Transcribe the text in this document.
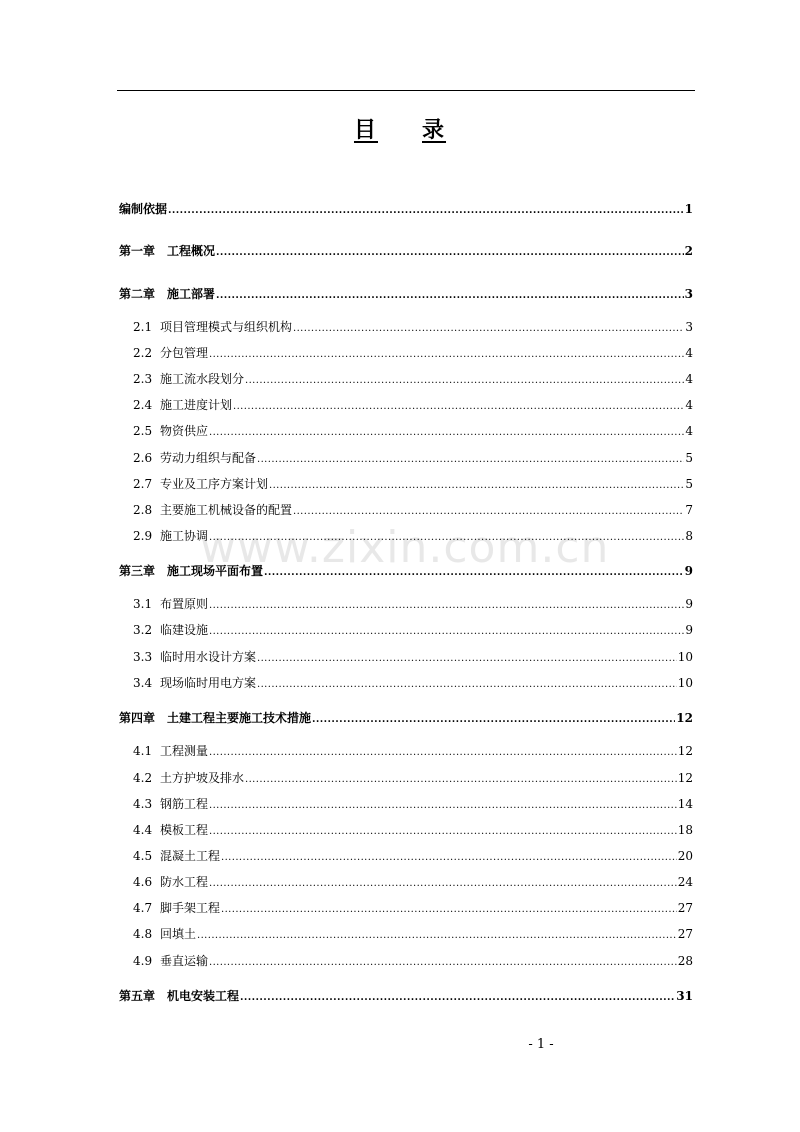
目 录
www.zixin.com.cn
编制依据 .....	1
第一章　工程概况 .....	2
第二章　施工部署 .....	3
2.1 项目管理模式与组织机构 .....	3
2.2 分包管理 .....	4
2.3 施工流水段划分 .....	4
2.4 施工进度计划 .....	4
2.5 物资供应 .....	4
2.6 劳动力组织与配备 .....	5
2.7 专业及工序方案计划 .....	5
2.8 主要施工机械设备的配置 .....	7
2.9 施工协调 .....	8
第三章　施工现场平面布置 .....	9
3.1 布置原则 .....	9
3.2 临建设施 .....	9
3.3 临时用水设计方案 .....	10
3.4 现场临时用电方案 .....	10
第四章　土建工程主要施工技术措施 .....	12
4.1 工程测量 .....	12
4.2 土方护坡及排水 .....	12
4.3 钢筋工程 .....	14
4.4 模板工程 .....	18
4.5 混凝土工程 .....	20
4.6 防水工程 .....	24
4.7 脚手架工程 .....	27
4.8 回填土 .....	27
4.9 垂直运输 .....	28
第五章　机电安装工程 .....	31
- 1 -
